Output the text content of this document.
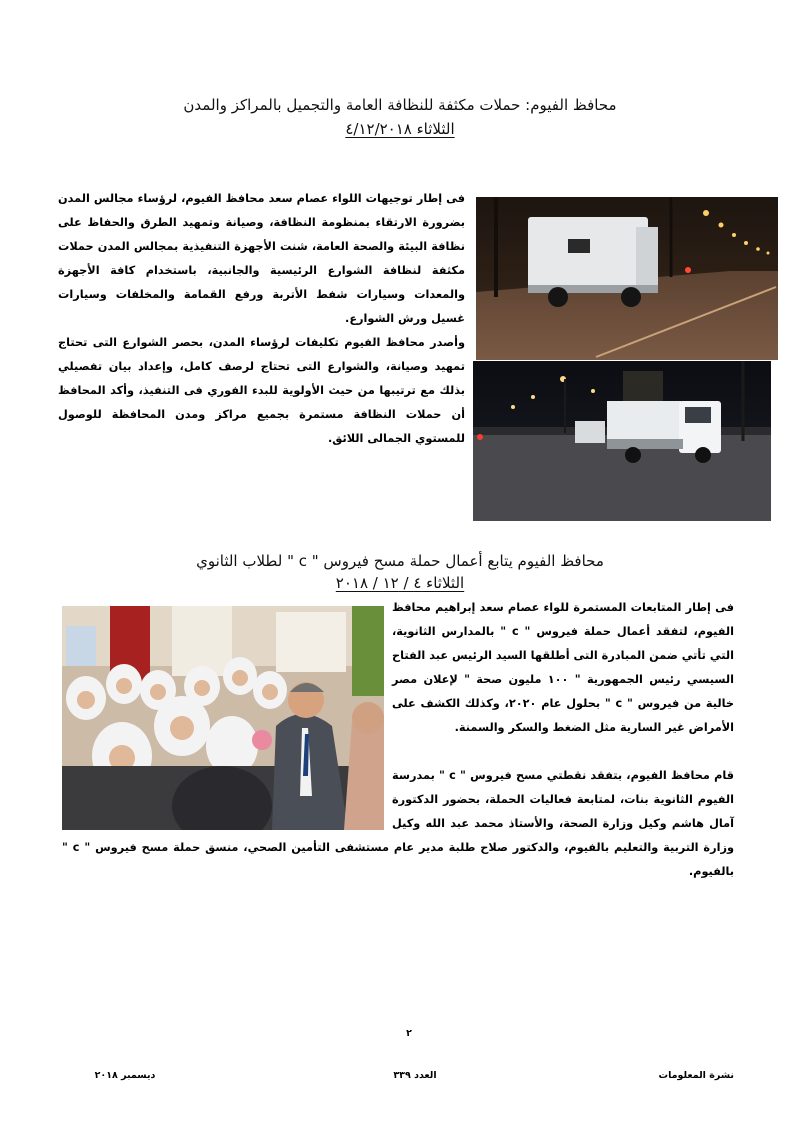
محافظ الفيوم: حملات مكثفة للنظافة العامة والتجميل بالمراكز والمدن
الثلاثاء ٤/١٢/٢٠١٨

فى إطار توجيهات اللواء عصام سعد محافظ الفيوم، لرؤساء مجالس المدن بضرورة الارتقاء بمنظومة النظافة، وصيانة وتمهيد الطرق والحفاظ على نظافة البيئة والصحة العامة، شنت الأجهزة التنفيذية بمجالس المدن حملات مكثفة لنظافة الشوارع الرئيسية والجانبية، باستخدام كافة الأجهزة والمعدات وسيارات شفط الأتربة ورفع القمامة والمخلفات وسيارات غسيل ورش الشوارع.

وأصدر محافظ الفيوم تكليفات لرؤساء المدن، بحصر الشوارع التى تحتاج تمهيد وصيانة، والشوارع التى تحتاج لرصف كامل، وإعداد بيان تفصيلي بذلك مع ترتيبها من حيث الأولوية للبدء الفوري فى التنفيذ، وأكد المحافظ أن حملات النظافة مستمرة بجميع مراكز ومدن المحافظة للوصول للمستوي الجمالى اللائق.

محافظ الفيوم يتابع أعمال حملة مسح فيروس " c " لطلاب الثانوي
الثلاثاء ٤ / ١٢ / ٢٠١٨

فى إطار المتابعات المستمرة للواء عصام سعد إبراهيم محافظ الفيوم، لتفقد أعمال حملة فيروس " c " بالمدارس الثانوية، التي تأتي ضمن المبادرة التى أطلقها السيد الرئيس عبد الفتاح السيسي رئيس الجمهورية " ١٠٠ مليون صحة " لإعلان مصر خالية من فيروس " c " بحلول عام ٢٠٢٠، وكذلك الكشف على الأمراض غير السارية مثل الضغط والسكر والسمنة.

قام محافظ الفيوم، بتفقد نقطتي مسح فيروس " c " بمدرسة الفيوم الثانوية بنات، لمتابعة فعاليات الحملة، بحضور الدكتورة آمال هاشم وكيل وزارة الصحة، والأستاذ محمد عبد الله وكيل وزارة التربية والتعليم بالفيوم، والدكتور صلاح طلبة مدير عام مستشفى التأمين الصحي، منسق حملة مسح فيروس " c " بالفيوم.

٢
نشرة المعلومات
العدد ٣٣٩
ديسمبر ٢٠١٨
